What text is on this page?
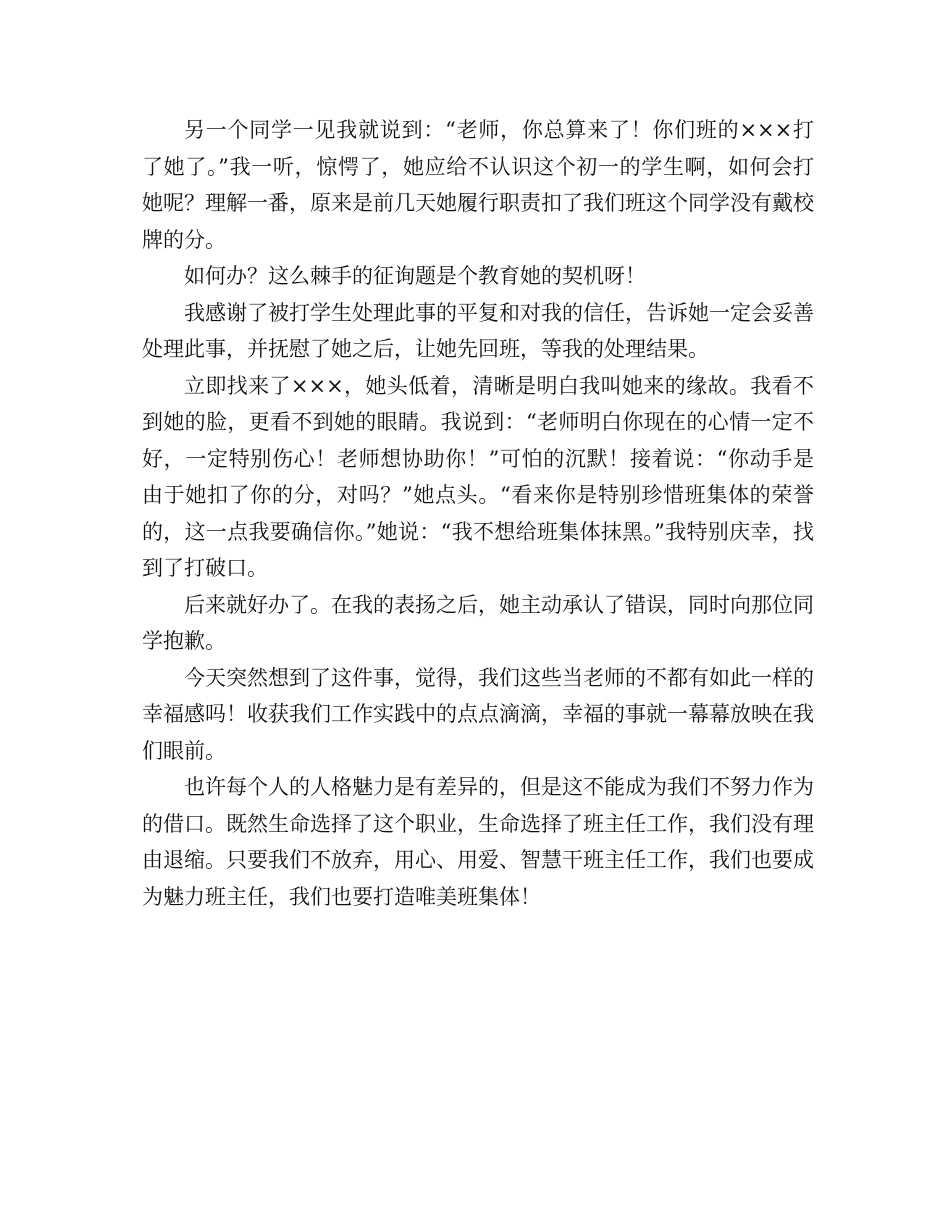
另一个同学一见我就说到：“老师，你总算来了！你们班的×××打了她了。”我一听，惊愕了，她应给不认识这个初一的学生啊，如何会打她呢？理解一番，原来是前几天她履行职责扣了我们班这个同学没有戴校牌的分。

如何办？这么棘手的征询题是个教育她的契机呀！

我感谢了被打学生处理此事的平复和对我的信任，告诉她一定会妥善处理此事，并抚慰了她之后，让她先回班，等我的处理结果。

立即找来了×××，她头低着，清晰是明白我叫她来的缘故。我看不到她的脸，更看不到她的眼睛。我说到：“老师明白你现在的心情一定不好，一定特别伤心！老师想协助你！”可怕的沉默！接着说：“你动手是由于她扣了你的分，对吗？”她点头。“看来你是特别珍惜班集体的荣誉的，这一点我要确信你。”她说：“我不想给班集体抹黑。”我特别庆幸，找到了打破口。

后来就好办了。在我的表扬之后，她主动承认了错误，同时向那位同学抱歉。

今天突然想到了这件事，觉得，我们这些当老师的不都有如此一样的幸福感吗！收获我们工作实践中的点点滴滴，幸福的事就一幕幕放映在我们眼前。

也许每个人的人格魅力是有差异的，但是这不能成为我们不努力作为的借口。既然生命选择了这个职业，生命选择了班主任工作，我们没有理由退缩。只要我们不放弃，用心、用爱、智慧干班主任工作，我们也要成为魅力班主任，我们也要打造唯美班集体！
